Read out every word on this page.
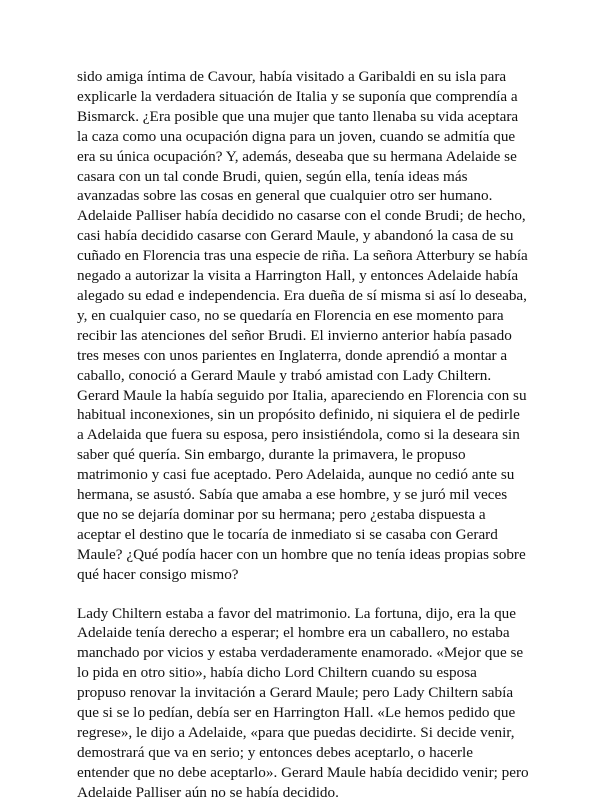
sido amiga íntima de Cavour, había visitado a Garibaldi en su isla para explicarle la verdadera situación de Italia y se suponía que comprendía a Bismarck. ¿Era posible que una mujer que tanto llenaba su vida aceptara la caza como una ocupación digna para un joven, cuando se admitía que era su única ocupación? Y, además, deseaba que su hermana Adelaide se casara con un tal conde Brudi, quien, según ella, tenía ideas más avanzadas sobre las cosas en general que cualquier otro ser humano. Adelaide Palliser había decidido no casarse con el conde Brudi; de hecho, casi había decidido casarse con Gerard Maule, y abandonó la casa de su cuñado en Florencia tras una especie de riña. La señora Atterbury se había negado a autorizar la visita a Harrington Hall, y entonces Adelaide había alegado su edad e independencia. Era dueña de sí misma si así lo deseaba, y, en cualquier caso, no se quedaría en Florencia en ese momento para recibir las atenciones del señor Brudi. El invierno anterior había pasado tres meses con unos parientes en Inglaterra, donde aprendió a montar a caballo, conoció a Gerard Maule y trabó amistad con Lady Chiltern. Gerard Maule la había seguido por Italia, apareciendo en Florencia con su habitual inconexiones, sin un propósito definido, ni siquiera el de pedirle a Adelaida que fuera su esposa, pero insistiéndola, como si la deseara sin saber qué quería. Sin embargo, durante la primavera, le propuso matrimonio y casi fue aceptado. Pero Adelaida, aunque no cedió ante su hermana, se asustó. Sabía que amaba a ese hombre, y se juró mil veces que no se dejaría dominar por su hermana; pero ¿estaba dispuesta a aceptar el destino que le tocaría de inmediato si se casaba con Gerard Maule? ¿Qué podía hacer con un hombre que no tenía ideas propias sobre qué hacer consigo mismo?

Lady Chiltern estaba a favor del matrimonio. La fortuna, dijo, era la que Adelaide tenía derecho a esperar; el hombre era un caballero, no estaba manchado por vicios y estaba verdaderamente enamorado. «Mejor que se lo pida en otro sitio», había dicho Lord Chiltern cuando su esposa propuso renovar la invitación a Gerard Maule; pero Lady Chiltern sabía que si se lo pedían, debía ser en Harrington Hall. «Le hemos pedido que regrese», le dijo a Adelaide, «para que puedas decidirte. Si decide venir, demostrará que va en serio; y entonces debes aceptarlo, o hacerle entender que no debe aceptarlo». Gerard Maule había decidido venir; pero Adelaide Palliser aún no se había decidido.
